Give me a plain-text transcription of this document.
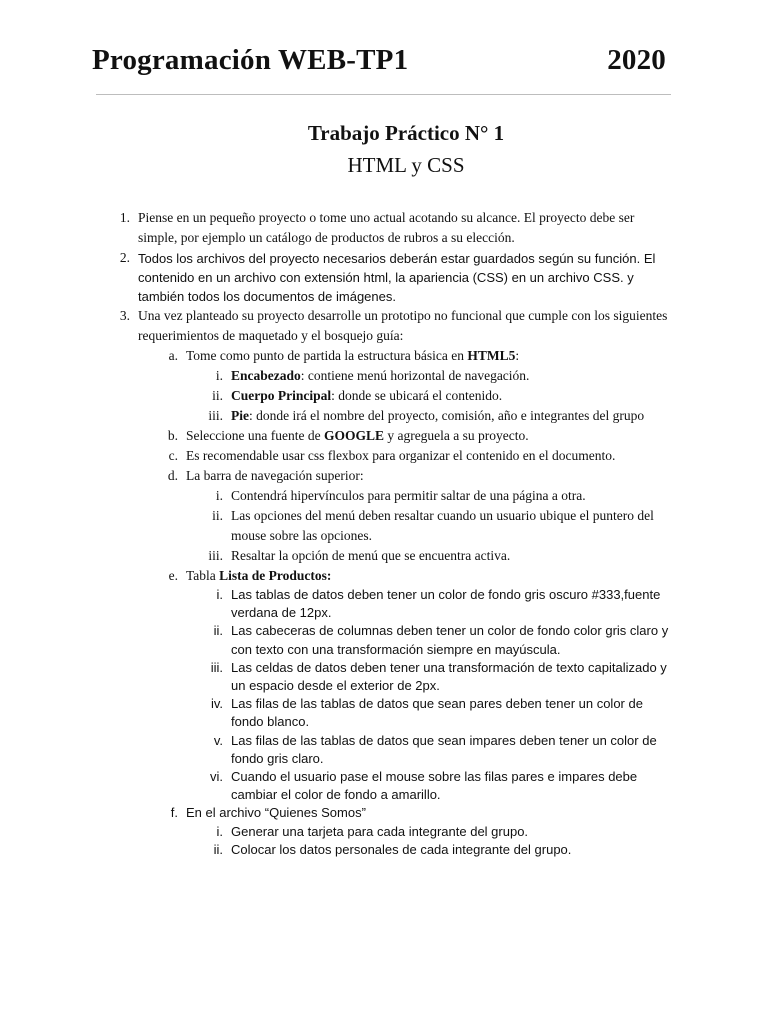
Programación WEB-TP1	2020
Trabajo Práctico N° 1
HTML y CSS
1. Piense en un pequeño proyecto o tome uno actual acotando su alcance. El proyecto debe ser simple, por ejemplo un catálogo de productos de rubros a su elección.
2. Todos los archivos del proyecto necesarios deberán estar guardados según su función. El contenido en un archivo con extensión html, la apariencia (CSS) en un archivo CSS. y también todos los documentos de imágenes.
3. Una vez planteado su proyecto desarrolle un prototipo no funcional que cumple con los siguientes requerimientos de maquetado y el bosquejo guía:
a. Tome como punto de partida la estructura básica en HTML5:
i. Encabezado: contiene menú horizontal de navegación.
ii. Cuerpo Principal: donde se ubicará el contenido.
iii. Pie: donde irá el nombre del proyecto, comisión, año e integrantes del grupo
b. Seleccione una fuente de GOOGLE y agreguela a su proyecto.
c. Es recomendable usar css flexbox para organizar el contenido en el documento.
d. La barra de navegación superior:
i. Contendrá hipervínculos para permitir saltar de una página a otra.
ii. Las opciones del menú deben resaltar cuando un usuario ubique el puntero del mouse sobre las opciones.
iii. Resaltar la opción de menú que se encuentra activa.
e. Tabla Lista de Productos:
i. Las tablas de datos deben tener un color de fondo gris oscuro #333,fuente verdana de 12px.
ii. Las cabeceras de columnas deben tener un color de fondo color gris claro y con texto con una transformación siempre en mayúscula.
iii. Las celdas de datos deben tener una transformación de texto capitalizado y un espacio desde el exterior de 2px.
iv. Las filas de las tablas de datos que sean pares deben tener un color de fondo blanco.
v. Las filas de las tablas de datos que sean impares deben tener un color de fondo gris claro.
vi. Cuando el usuario pase el mouse sobre las filas pares e impares debe cambiar el color de fondo a amarillo.
f. En el archivo “Quienes Somos”
i. Generar una tarjeta para cada integrante del grupo.
ii. Colocar los datos personales de cada integrante del grupo.
